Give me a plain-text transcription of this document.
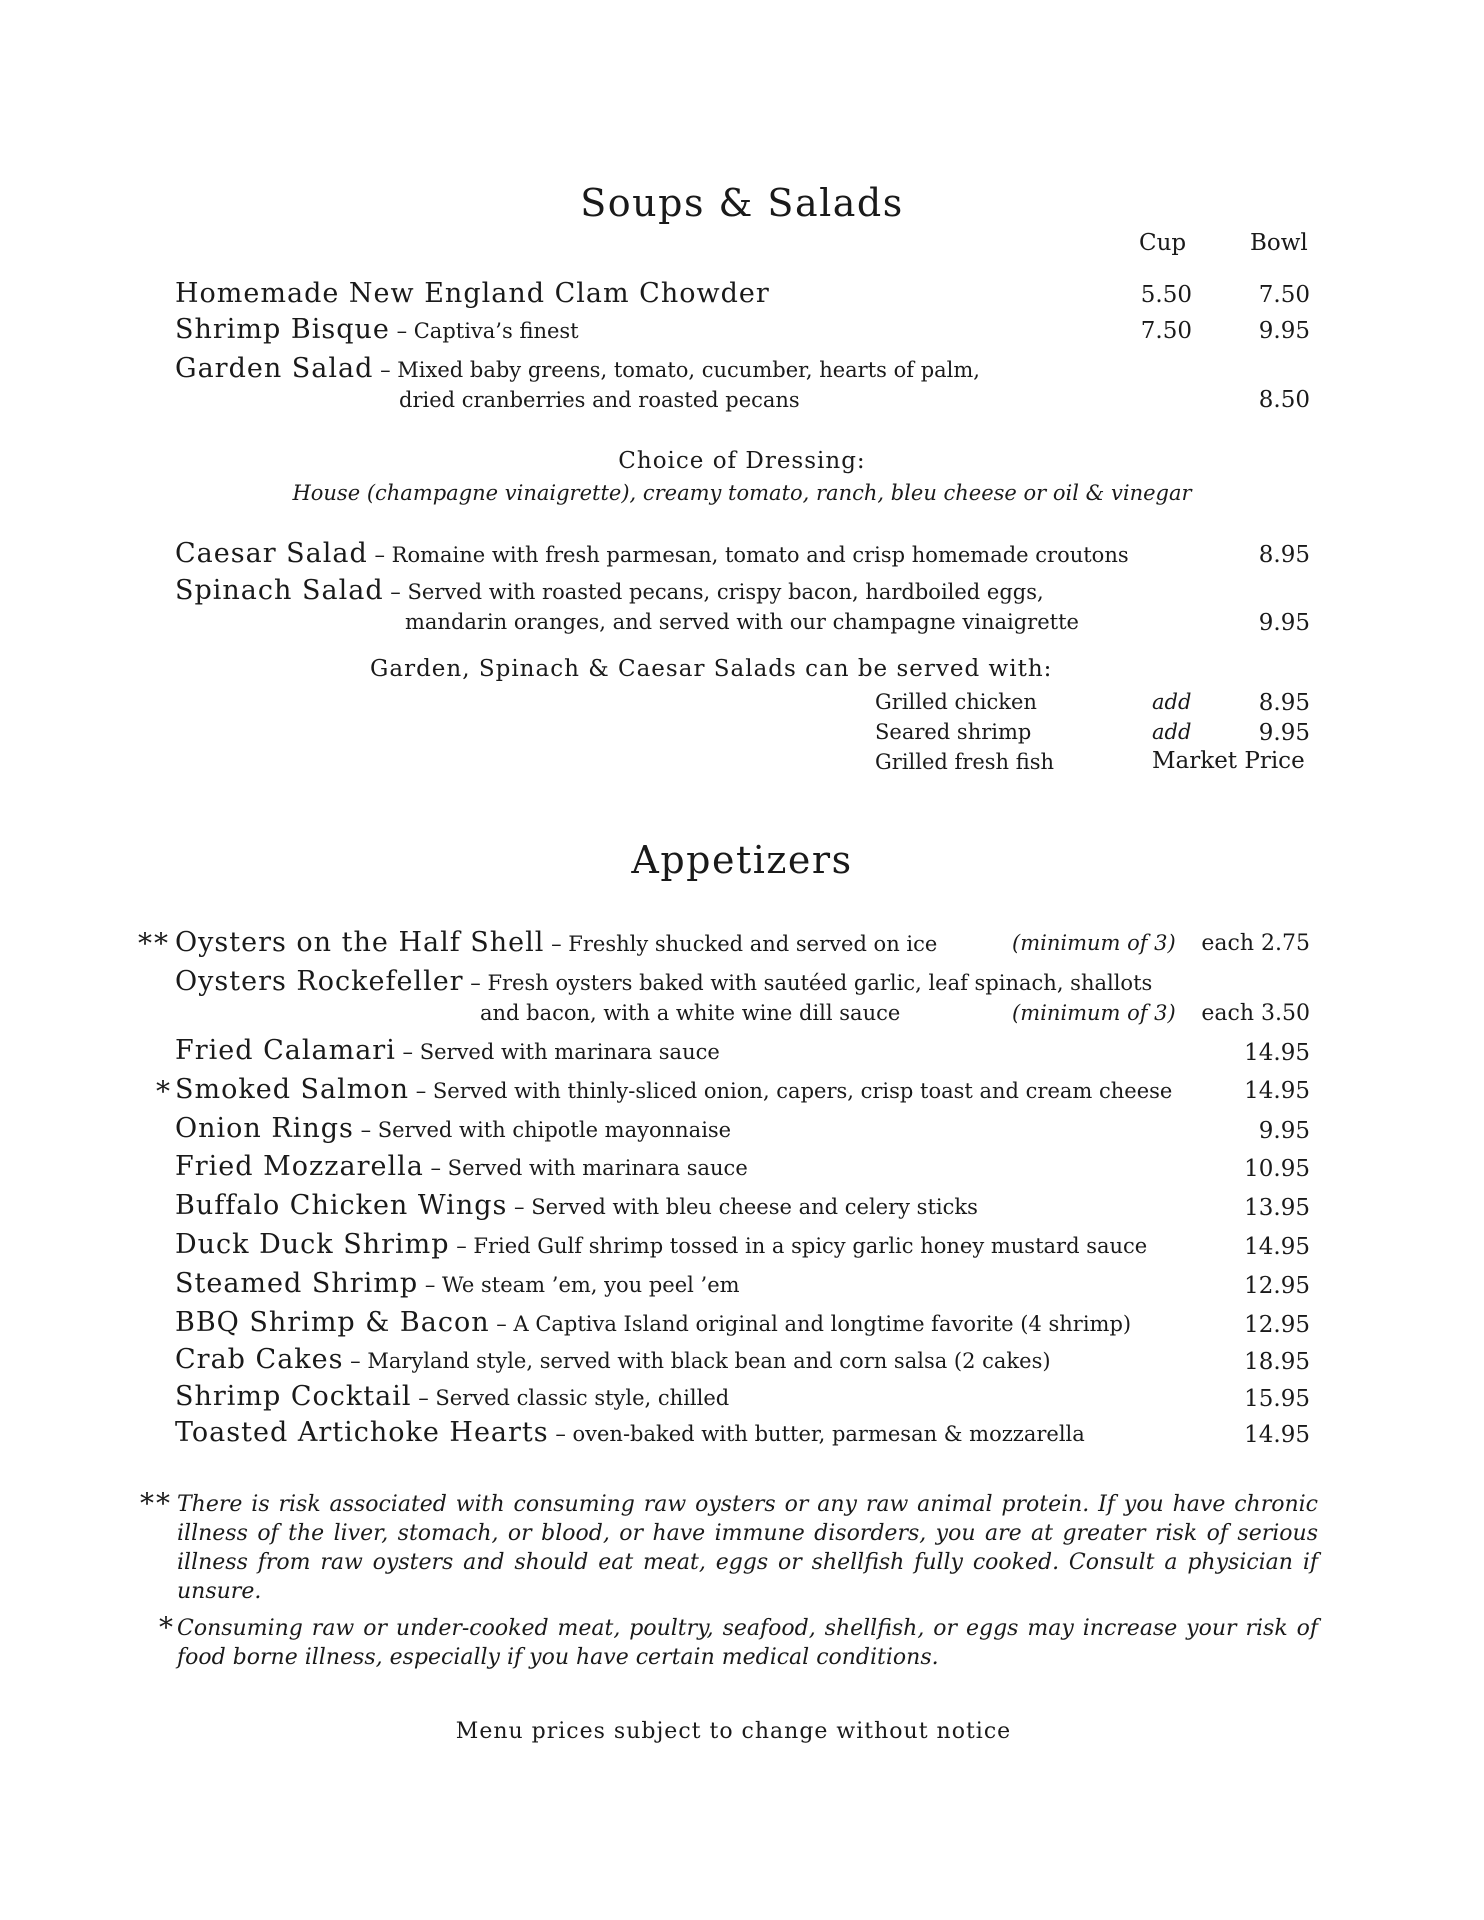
Soups & Salads
Cup	Bowl
Homemade New England Clam Chowder	5.50	7.50
Shrimp Bisque – Captiva’s finest	7.50	9.95
Garden Salad – Mixed baby greens, tomato, cucumber, hearts of palm,
dried cranberries and roasted pecans	8.50
Choice of Dressing:
House (champagne vinaigrette), creamy tomato, ranch, bleu cheese or oil & vinegar
Caesar Salad – Romaine with fresh parmesan, tomato and crisp homemade croutons	8.95
Spinach Salad – Served with roasted pecans, crispy bacon, hardboiled eggs,
mandarin oranges, and served with our champagne vinaigrette	9.95
Garden, Spinach & Caesar Salads can be served with:
Grilled chicken	add	8.95
Seared shrimp	add	9.95
Grilled fresh fish	Market Price
Appetizers
** Oysters on the Half Shell – Freshly shucked and served on ice	(minimum of 3)	each 2.75
Oysters Rockefeller – Fresh oysters baked with sautéed garlic, leaf spinach, shallots
and bacon, with a white wine dill sauce	(minimum of 3)	each 3.50
Fried Calamari – Served with marinara sauce	14.95
* Smoked Salmon – Served with thinly-sliced onion, capers, crisp toast and cream cheese	14.95
Onion Rings – Served with chipotle mayonnaise	9.95
Fried Mozzarella – Served with marinara sauce	10.95
Buffalo Chicken Wings – Served with bleu cheese and celery sticks	13.95
Duck Duck Shrimp – Fried Gulf shrimp tossed in a spicy garlic honey mustard sauce	14.95
Steamed Shrimp – We steam ’em, you peel ’em	12.95
BBQ Shrimp & Bacon – A Captiva Island original and longtime favorite (4 shrimp)	12.95
Crab Cakes – Maryland style, served with black bean and corn salsa (2 cakes)	18.95
Shrimp Cocktail – Served classic style, chilled	15.95
Toasted Artichoke Hearts – oven-baked with butter, parmesan & mozzarella	14.95
** There is risk associated with consuming raw oysters or any raw animal protein. If you have chronic illness of the liver, stomach, or blood, or have immune disorders, you are at greater risk of serious illness from raw oysters and should eat meat, eggs or shellfish fully cooked. Consult a physician if unsure.
* Consuming raw or under-cooked meat, poultry, seafood, shellfish, or eggs may increase your risk of food borne illness, especially if you have certain medical conditions.
Menu prices subject to change without notice
